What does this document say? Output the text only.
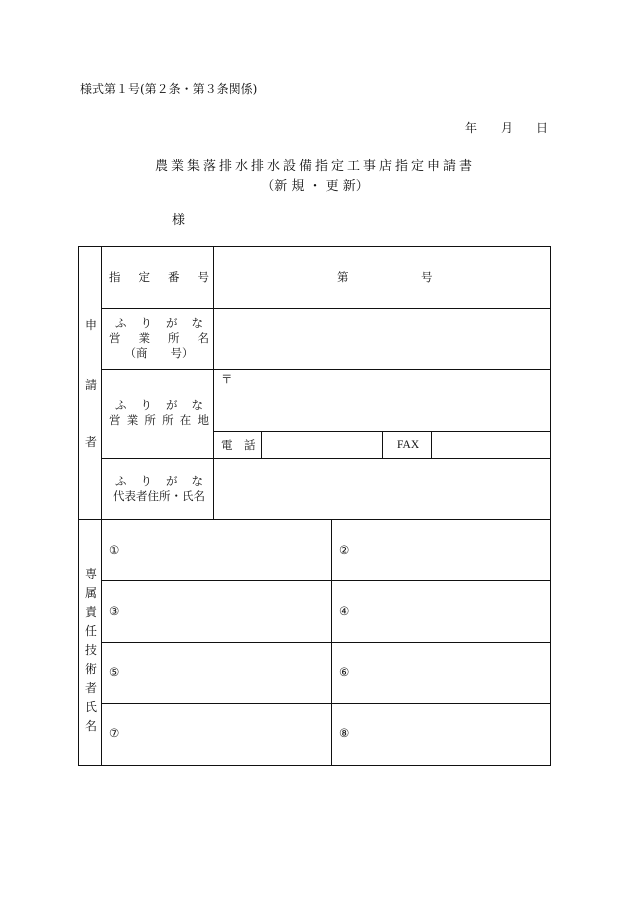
様式第１号(第２条・第３条関係)
年 月 日
農業集落排水排水設備指定工事店指定申請書
（新 規 ・ 更 新）
様
申
請
者
指 定 番 号	第	号
ふ り が な
営 業 所 名
（商　　号）
ふ り が な
営 業 所 所 在 地
〒
電　話	FAX
ふ り が な
代表者住所・氏名
専
属
責
任
技
術
者
氏
名
①	②
③	④
⑤	⑥
⑦	⑧
